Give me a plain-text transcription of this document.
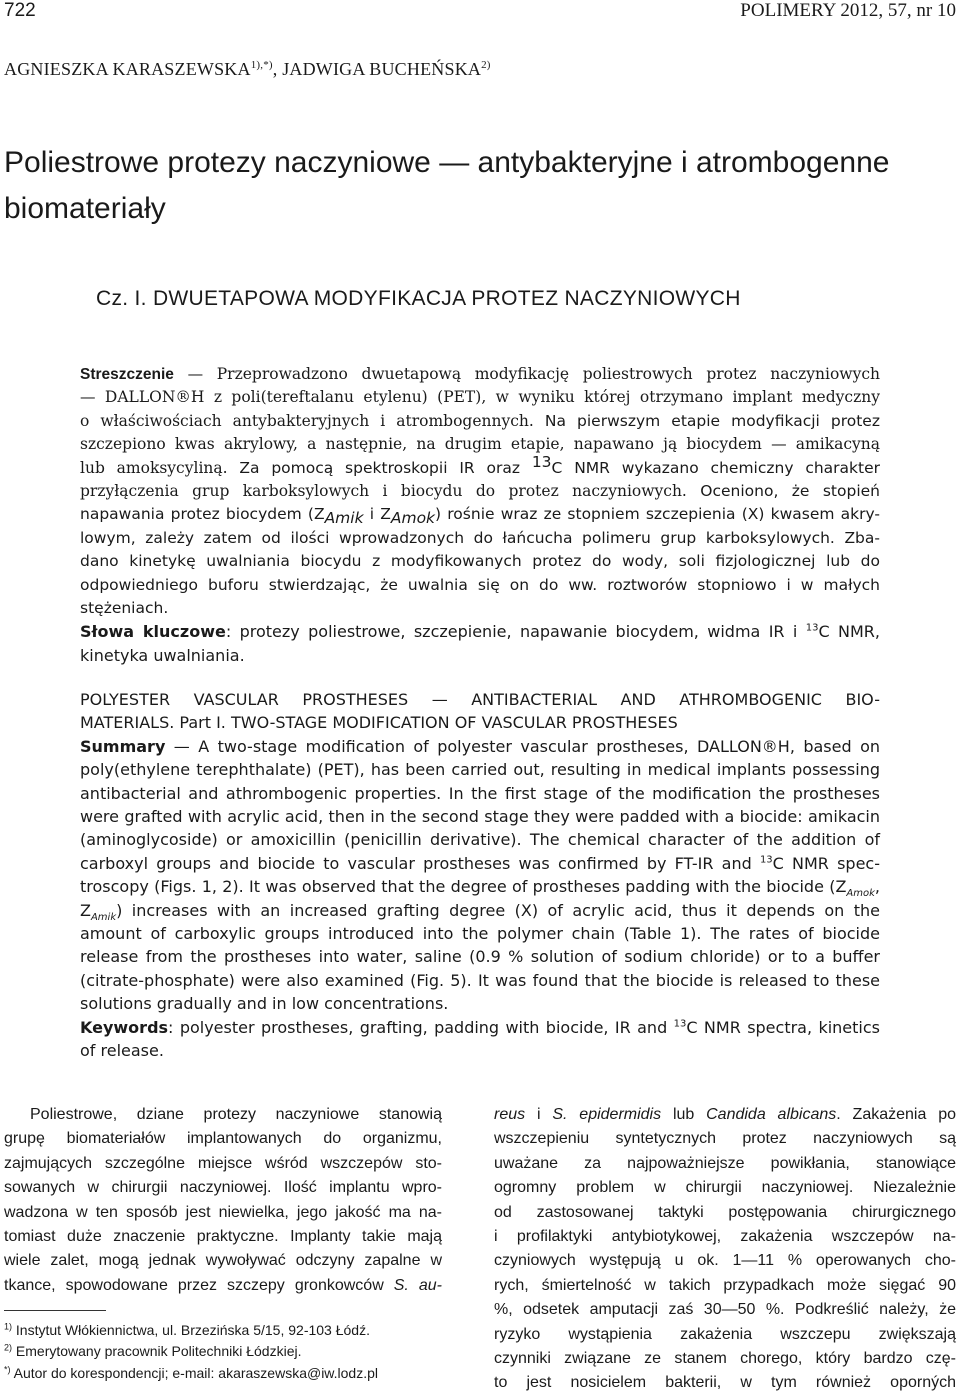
722	POLIMERY 2012, 57, nr 10
AGNIESZKA $KARASZEWSKA^{1),*)}$, JADWIGA BUCHEŃSKA$^{2)}$
Poliestrowe protezy naczyniowe — antybakteryjne i atrombogenne
biomateriały
Cz. I. DWUETAPOWA MODYFIKACJA PROTEZ NACZYNIOWYCH
Streszczenie — Przeprowadzono dwuetapową modyfikację poliestrowych protez naczyniowych
— DALLON®H z poli(tereftalanu etylenu) (PET), w wyniku której otrzymano implant medyczny
o właściwościach antybakteryjnych i atrombogennych. Na pierwszym etapie modyfikacji protez
szczepiono kwas akrylowy, a następnie, na drugim etapie, napawano ją biocydem — amikacyną
lub amoksycyliną. Za pomocą spektroskopii IR oraz $^{13}$C NMR wykazano chemiczny charakter
przyłączenia grup karboksylowych i biocydu do protez naczyniowych. Oceniono, że stopień
napawania protez biocydem ($Z_{Amik}$ i $Z_{Amok}$) rośnie wraz ze stopniem szczepienia (X) kwasem akry-
lowym, zależy zatem od ilości wprowadzonych do łańcucha polimeru grup karboksylowych. Zba-
dano kinetykę uwalniania biocydu z modyfikowanych protez do wody, soli fizjologicznej lub do
odpowiedniego buforu stwierdzając, że uwalnia się on do ww. roztworów stopniowo i w małych
stężeniach.
Słowa kluczowe: protezy poliestrowe, szczepienie, napawanie biocydem, widma IR i $^{13}$C NMR,
kinetyka uwalniania.
POLYESTER VASCULAR PROSTHESES — ANTIBACTERIAL AND ATHROMBOGENIC BIO-
MATERIALS. Part I. TWO-STAGE MODIFICATION OF VASCULAR PROSTHESES
Summary — A two-stage modification of polyester vascular prostheses, DALLON®H, based on
poly(ethylene terephthalate) (PET), has been carried out, resulting in medical implants possessing
antibacterial and athrombogenic properties. In the first stage of the modification the prostheses
were grafted with acrylic acid, then in the second stage they were padded with a biocide: amikacin
(aminoglycoside) or amoxicillin (penicillin derivative). The chemical character of the addition of
carboxyl groups and biocide to vascular prostheses was confirmed by FT-IR and $^{13}$C NMR spec-
troscopy (Figs. 1, 2). It was observed that the degree of prostheses padding with the biocide ($Z_{Amok}$,
$Z_{Amik}$) increases with an increased grafting degree (X) of acrylic acid, thus it depends on the
amount of carboxylic groups introduced into the polymer chain (Table 1). The rates of biocide
release from the prostheses into water, saline (0.9 % solution of sodium chloride) or to a buffer
(citrate-phosphate) were also examined (Fig. 5). It was found that the biocide is released to these
solutions gradually and in low concentrations.
Keywords: polyester prostheses, grafting, padding with biocide, IR and $^{13}$C NMR spectra, kinetics
of release.
Poliestrowe, dziane protezy naczyniowe stanowią
grupę biomateriałów implantowanych do organizmu,
zajmujących szczególne miejsce wśród wszczepów sto-
sowanych w chirurgii naczyniowej. Ilość implantu wpro-
wadzona w ten sposób jest niewielka, jego jakość ma na-
tomiast duże znaczenie praktyczne. Implanty takie mają
wiele zalet, mogą jednak wywoływać odczyny zapalne w
tkance, spowodowane przez szczepy gronkowców S. au-
reus i S. epidermidis lub Candida albicans. Zakażenia po
wszczepieniu syntetycznych protez naczyniowych są
uważane za najpoważniejsze powikłania, stanowiące
ogromny problem w chirurgii naczyniowej. Niezależnie
od zastosowanej taktyki postępowania chirurgicznego
i profilaktyki antybiotykowej, zakażenia wszczepów na-
czyniowych występują u ok. 1—11 % operowanych cho-
rych, śmiertelność w takich przypadkach może sięgać 90
%, odsetek amputacji zaś 30—50 %. Podkreślić należy, że
ryzyko wystąpienia zakażenia wszczepu zwiększają
czynniki związane ze stanem chorego, który bardzo czę-
to jest nosicielem bakterii, w tym również oporných
$^{1)}$ Instytut Włókiennictwa, ul. Brzezińska 5/15, 92-103 Łódź.
$^{2)}$ Emerytowany pracownik Politechniki Łódzkiej.
*) Autor do korespondencji; e-mail: akaraszewska@iw.lodz.pl
